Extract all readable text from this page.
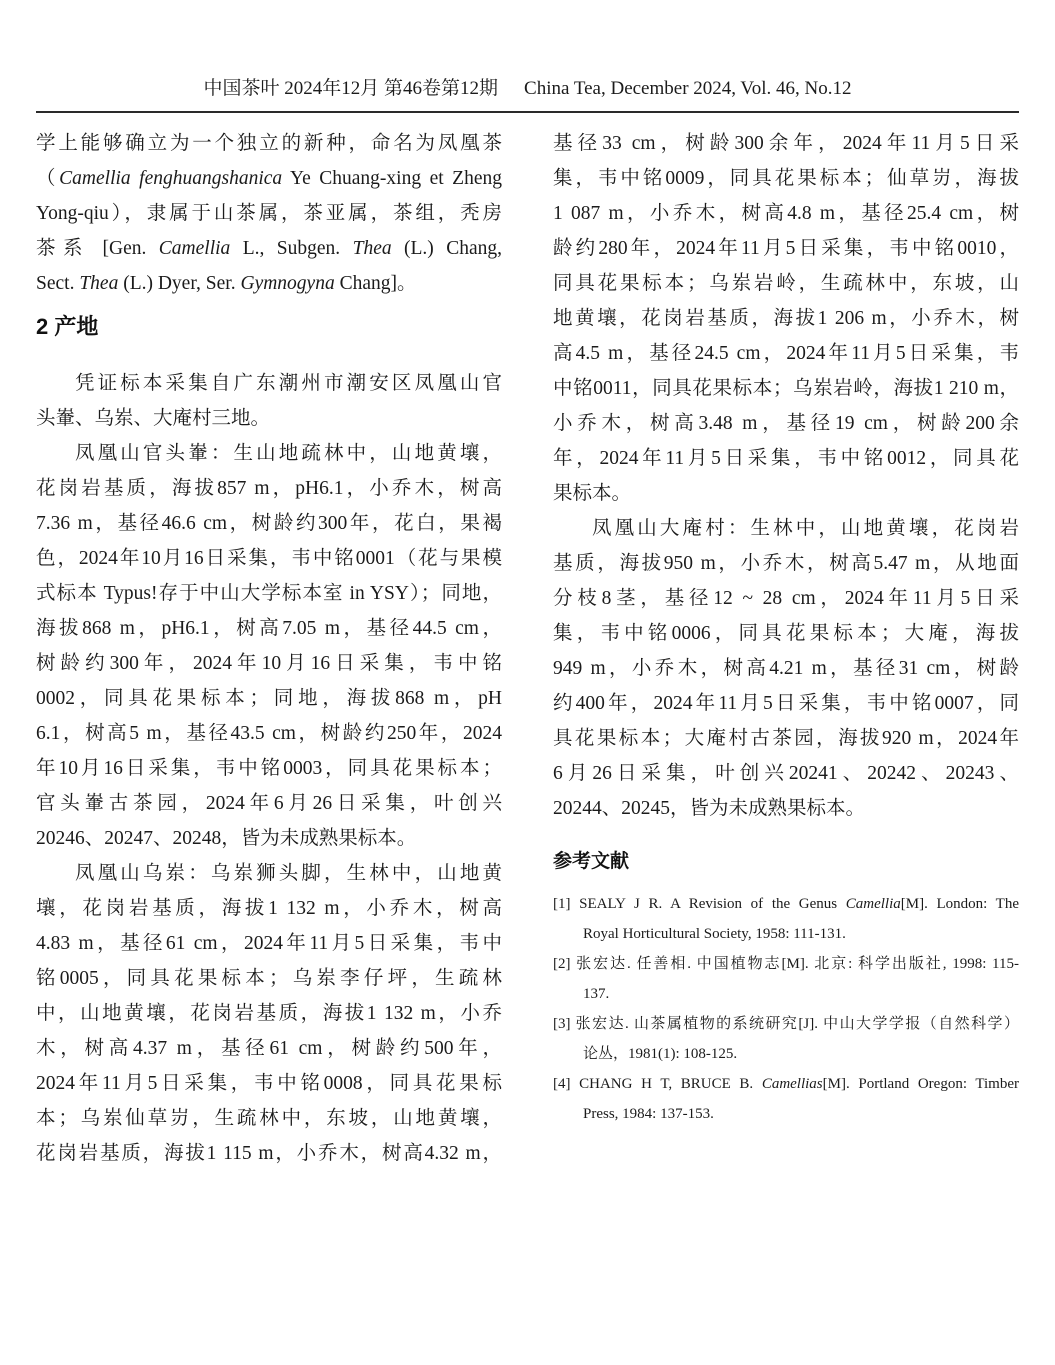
中国茶叶 2024年12月 第46卷第12期 China Tea, December 2024, Vol. 46, No.12
学上能够确立为一个独立的新种，命名为凤凰茶
（Camellia fenghuangshanica Ye Chuang-xing et Zheng
Yong-qiu），隶属于山茶属，茶亚属，茶组，秃房
茶系 [Gen. Camellia L., Subgen. Thea (L.) Chang,
Sect. Thea (L.) Dyer, Ser. Gymnogyna Chang]。
2 产地
凭证标本采集自广东潮州市潮安区凤凰山官
头輋、乌岽、大庵村三地。
凤凰山官头輋：生山地疏林中，山地黄壤，
花岗岩基质，海拔857 m，pH6.1，小乔木，树高
7.36 m，基径46.6 cm，树龄约300年，花白，果褐
色，2024年10月16日采集，韦中铭0001（花与果模
式标本 Typus!存于中山大学标本室 in YSY）；同地，
海拔868 m，pH6.1，树高7.05 m，基径44.5 cm，
树龄约300年，2024年10月16日采集，韦中铭
0002，同具花果标本；同地，海拔868 m，pH
6.1，树高5 m，基径43.5 cm，树龄约250年，2024
年10月16日采集，韦中铭0003，同具花果标本；
官头輋古茶园，2024年6月26日采集，叶创兴
20246、20247、20248，皆为未成熟果标本。
凤凰山乌岽：乌岽狮头脚，生林中，山地黄
壤，花岗岩基质，海拔1 132 m，小乔木，树高
4.83 m，基径61 cm，2024年11月5日采集，韦中
铭0005，同具花果标本；乌岽李仔坪，生疏林
中，山地黄壤，花岗岩基质，海拔1 132 m，小乔
木，树高4.37 m，基径61 cm，树龄约500年，
2024年11月5日采集，韦中铭0008，同具花果标
本；乌岽仙草岃，生疏林中，东坡，山地黄壤，
花岗岩基质，海拔1 115 m，小乔木，树高4.32 m，
基径33 cm，树龄300余年，2024年11月5日采
集，韦中铭0009，同具花果标本；仙草岃，海拔
1 087 m，小乔木，树高4.8 m，基径25.4 cm，树
龄约280年，2024年11月5日采集，韦中铭0010，
同具花果标本；乌岽岩岭，生疏林中，东坡，山
地黄壤，花岗岩基质，海拔1 206 m，小乔木，树
高4.5 m，基径24.5 cm，2024年11月5日采集，韦
中铭0011，同具花果标本；乌岽岩岭，海拔1 210 m，
小乔木，树高3.48 m，基径19 cm，树龄200余
年，2024年11月5日采集，韦中铭0012，同具花
果标本。
凤凰山大庵村：生林中，山地黄壤，花岗岩
基质，海拔950 m，小乔木，树高5.47 m，从地面
分枝8茎，基径12 ~ 28 cm，2024年11月5日采
集，韦中铭0006，同具花果标本；大庵，海拔
949 m，小乔木，树高4.21 m，基径31 cm，树龄
约400年，2024年11月5日采集，韦中铭0007，同
具花果标本；大庵村古茶园，海拔920 m，2024年
6月26日采集，叶创兴20241、20242、20243、
20244、20245，皆为未成熟果标本。
参考文献
[1] SEALY J R. A Revision of the Genus Camellia[M]. London: The
Royal Horticultural Society, 1958: 111-131.
[2] 张宏达. 任善相. 中国植物志[M]. 北京: 科学出版社, 1998: 115-
137.
[3] 张宏达. 山茶属植物的系统研究[J]. 中山大学学报（自然科学）
论丛，1981(1): 108-125.
[4] CHANG H T, BRUCE B. Camellias[M]. Portland Oregon: Timber
Press, 1984: 137-153.
